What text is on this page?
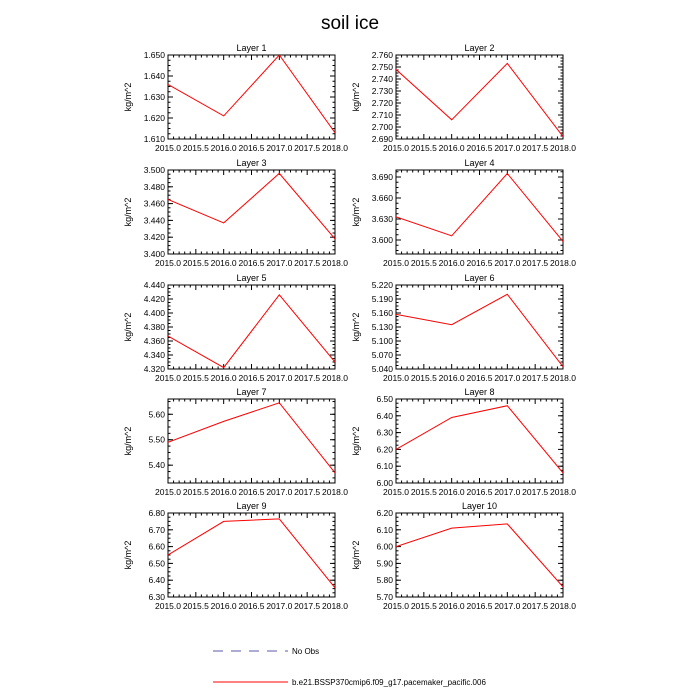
soil ice
Layer 1
kg/m^2
2015.0 2015.5 2016.0 2016.5 2017.0 2017.5 2018.0
1.610
1.620
1.630
1.640
1.650
Layer 2
kg/m^2
2015.0 2015.5 2016.0 2016.5 2017.0 2017.5 2018.0
2.690
2.700
2.710
2.720
2.730
2.740
2.750
2.760
Layer 3
kg/m^2
2015.0 2015.5 2016.0 2016.5 2017.0 2017.5 2018.0
3.400
3.420
3.440
3.460
3.480
3.500
Layer 4
kg/m^2
2015.0 2015.5 2016.0 2016.5 2017.0 2017.5 2018.0
3.600
3.630
3.660
3.690
Layer 5
kg/m^2
2015.0 2015.5 2016.0 2016.5 2017.0 2017.5 2018.0
4.320
4.340
4.360
4.380
4.400
4.420
4.440
Layer 6
kg/m^2
2015.0 2015.5 2016.0 2016.5 2017.0 2017.5 2018.0
5.040
5.070
5.100
5.130
5.160
5.190
5.220
Layer 7
kg/m^2
2015.0 2015.5 2016.0 2016.5 2017.0 2017.5 2018.0
5.40
5.50
5.60
Layer 8
kg/m^2
2015.0 2015.5 2016.0 2016.5 2017.0 2017.5 2018.0
6.00
6.10
6.20
6.30
6.40
6.50
Layer 9
kg/m^2
2015.0 2015.5 2016.0 2016.5 2017.0 2017.5 2018.0
6.30
6.40
6.50
6.60
6.70
6.80
Layer 10
kg/m^2
2015.0 2015.5 2016.0 2016.5 2017.0 2017.5 2018.0
5.70
5.80
5.90
6.00
6.10
6.20
No Obs
b.e21.BSSP370cmip6.f09_g17.pacemaker_pacific.006
